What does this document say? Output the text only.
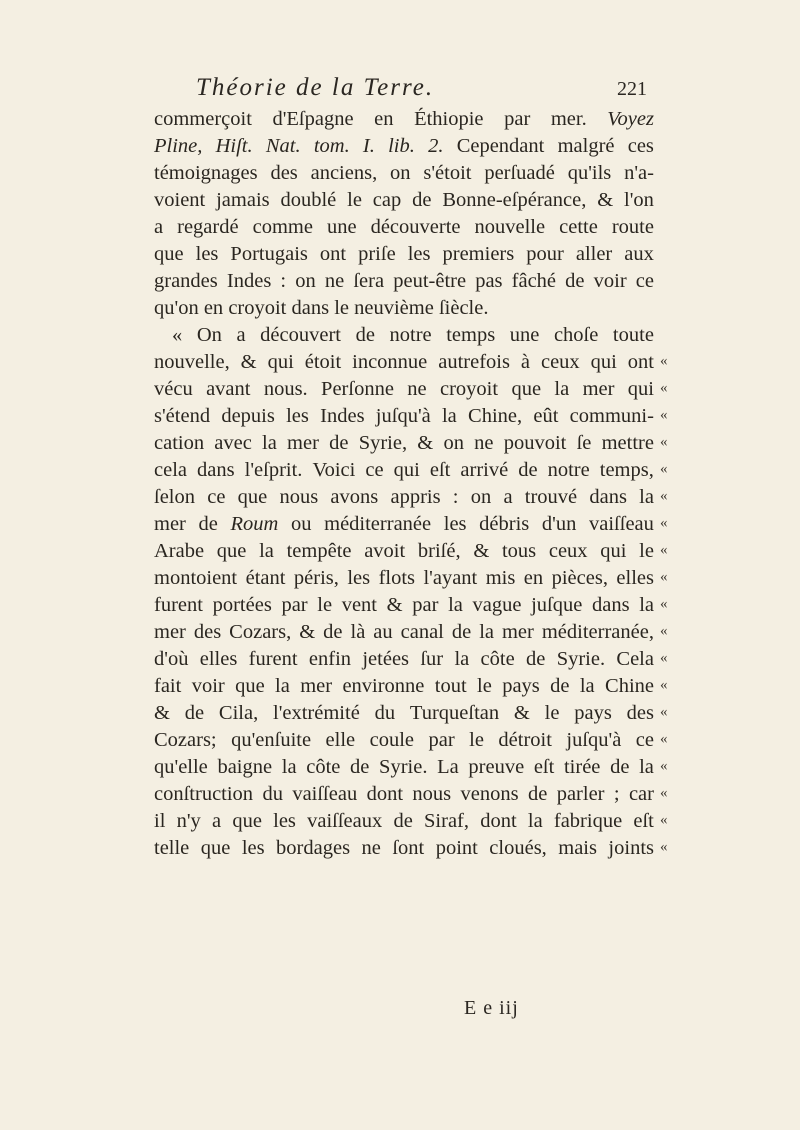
Théorie de la Terre.	221
commerçoit d'Eſpagne en Éthiopie par mer. Voyez
Pline, Hiſt. Nat. tom. I. lib. 2. Cependant malgré ces
témoignages des anciens, on s'étoit perſuadé qu'ils n'a-
voient jamais doublé le cap de Bonne-eſpérance, & l'on
a regardé comme une découverte nouvelle cette route
que les Portugais ont priſe les premiers pour aller aux
grandes Indes : on ne ſera peut-être pas fâché de voir ce
qu'on en croyoit dans le neuvième ſiècle.
« On a découvert de notre temps une choſe toute
nouvelle, & qui étoit inconnue autrefois à ceux qui ont
vécu avant nous. Perſonne ne croyoit que la mer qui
s'étend depuis les Indes juſqu'à la Chine, eût communi-
cation avec la mer de Syrie, & on ne pouvoit ſe mettre
cela dans l'eſprit. Voici ce qui eſt arrivé de notre temps,
ſelon ce que nous avons appris : on a trouvé dans la
mer de Roum ou méditerranée les débris d'un vaiſſeau
Arabe que la tempête avoit briſé, & tous ceux qui le
montoient étant péris, les flots l'ayant mis en pièces, elles
furent portées par le vent & par la vague juſque dans la
mer des Cozars, & de là au canal de la mer méditerranée,
d'où elles furent enfin jetées ſur la côte de Syrie. Cela
fait voir que la mer environne tout le pays de la Chine
& de Cila, l'extrémité du Turqueſtan & le pays des
Cozars; qu'enſuite elle coule par le détroit juſqu'à ce
qu'elle baigne la côte de Syrie. La preuve eſt tirée de la
conſtruction du vaiſſeau dont nous venons de parler ; car
il n'y a que les vaiſſeaux de Siraf, dont la fabrique eſt
telle que les bordages ne ſont point cloués, mais joints
«
«
«
«
«
«
«
«
«
«
«
«
«
«
«
«
«
«
«
E e iij
